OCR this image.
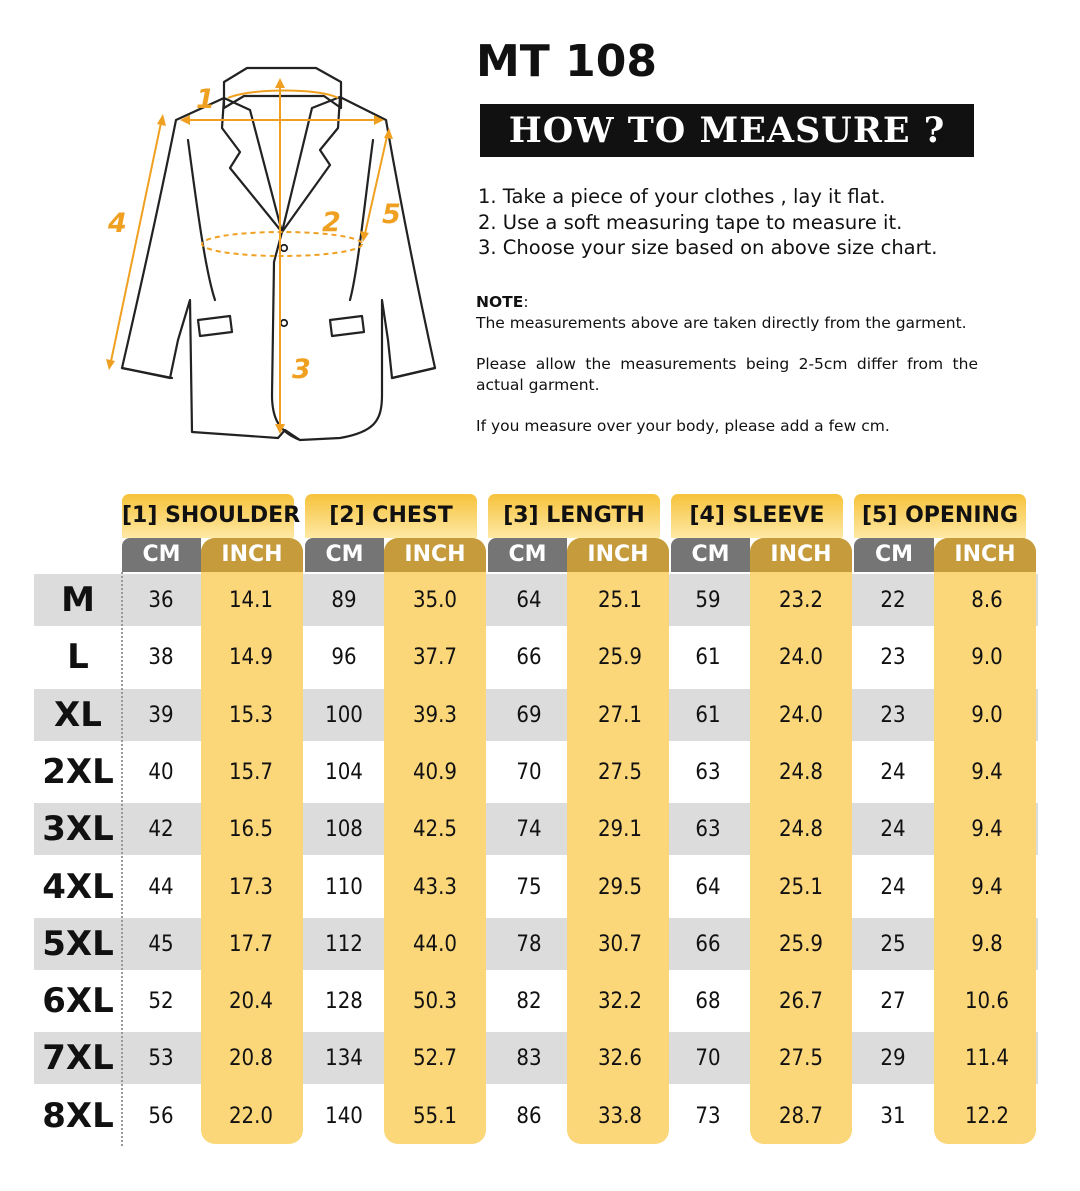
1
2
3
4	5
MT 108
HOW TO MEASURE ?
1. Take a piece of your clothes , lay it flat.
2. Use a soft measuring tape to measure it.
3. Choose your size based on above size chart.
NOTE:

The measurements above are taken directly from the garment.

Please allow the measurements being 2-5cm differ from the actual garment.

If you measure over your body, please add a few cm.

[1] SHOULDER
CM	INCH
[2] CHEST
CM	INCH
[3] LENGTH
CM	INCH
[4] SLEEVE
CM	INCH
[5] OPENING
CM	INCH
M	36	14.1	89	35.0	64	25.1	59	23.2	22	8.6
L	38	14.9	96	37.7	66	25.9	61	24.0	23	9.0
XL	39	15.3	100	39.3	69	27.1	61	24.0	23	9.0
2XL	40	15.7	104	40.9	70	27.5	63	24.8	24	9.4
3XL	42	16.5	108	42.5	74	29.1	63	24.8	24	9.4
4XL	44	17.3	110	43.3	75	29.5	64	25.1	24	9.4
5XL	45	17.7	112	44.0	78	30.7	66	25.9	25	9.8
6XL	52	20.4	128	50.3	82	32.2	68	26.7	27	10.6
7XL	53	20.8	134	52.7	83	32.6	70	27.5	29	11.4
8XL	56	22.0	140	55.1	86	33.8	73	28.7	31	12.2
